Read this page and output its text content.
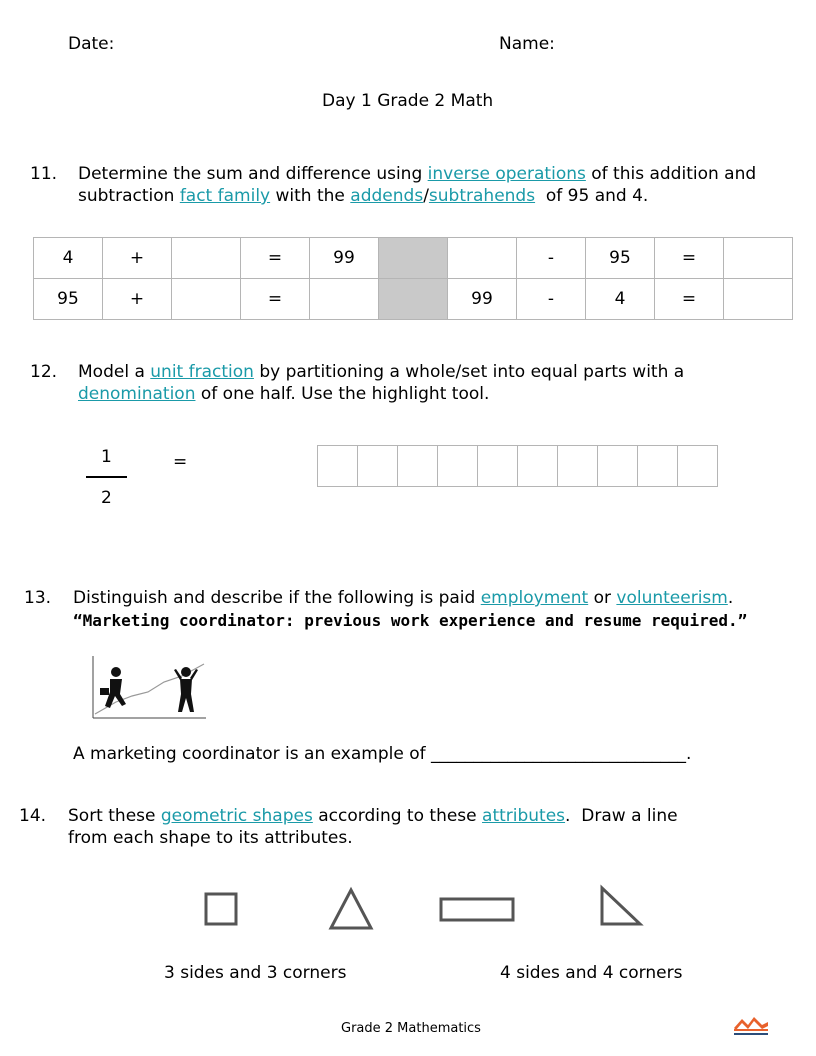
Date:	Name:
Day 1 Grade 2 Math
11. Determine the sum and difference using inverse operations of this addition and
subtraction fact family with the addends/subtrahends  of 95 and 4.
4	+		=	99			-	95	=	
95	+		=			99	-	4	=	
12. Model a unit fraction by partitioning a whole/set into equal parts with a
denomination of one half. Use the highlight tool.
1
2
=
13. Distinguish and describe if the following is paid employment or volunteerism.
“Marketing coordinator: previous work experience and resume required.”
A marketing coordinator is an example of ______________________________.
14. Sort these geometric shapes according to these attributes.  Draw a line
from each shape to its attributes.
3 sides and 3 corners	4 sides and 4 corners
Grade 2 Mathematics
